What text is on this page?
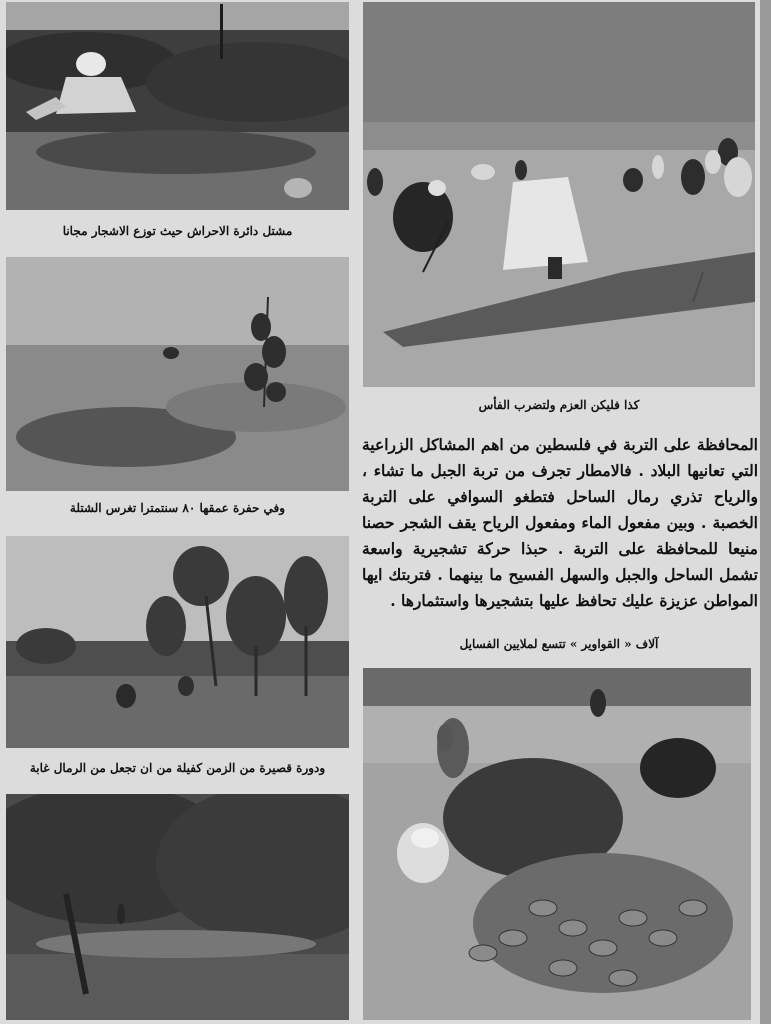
مشتل دائرة الاحراش حيث توزع الاشجار مجانا
كذا فليكن العزم ولتضرب الفأس
وفي حفرة عمقها ٨٠ سنتمترا تغرس الشتلة
المحافظة على التربة في فلسطين من اهم المشاكل الزراعية التي تعانيها البلاد . فالامطار تجرف من تربة الجبل ما تشاء ، والرياح تذري رمال الساحل فتطغو السوافي على التربة الخصبة . وبين مفعول الماء ومفعول الرياح يقف الشجر حصنا منيعا للمحافظة على التربة . حبذا حركة تشجيرية واسعة تشمل الساحل والجبل والسهل الفسيح ما بينهما . فتربتك ايها المواطن عزيزة عليك تحافظ عليها بتشجيرها واستثمارها .
ودورة قصيرة من الزمن كفيلة من ان تجعل من الرمال غابة
آلاف « القواوير » تتسع لملايين الفسايل
